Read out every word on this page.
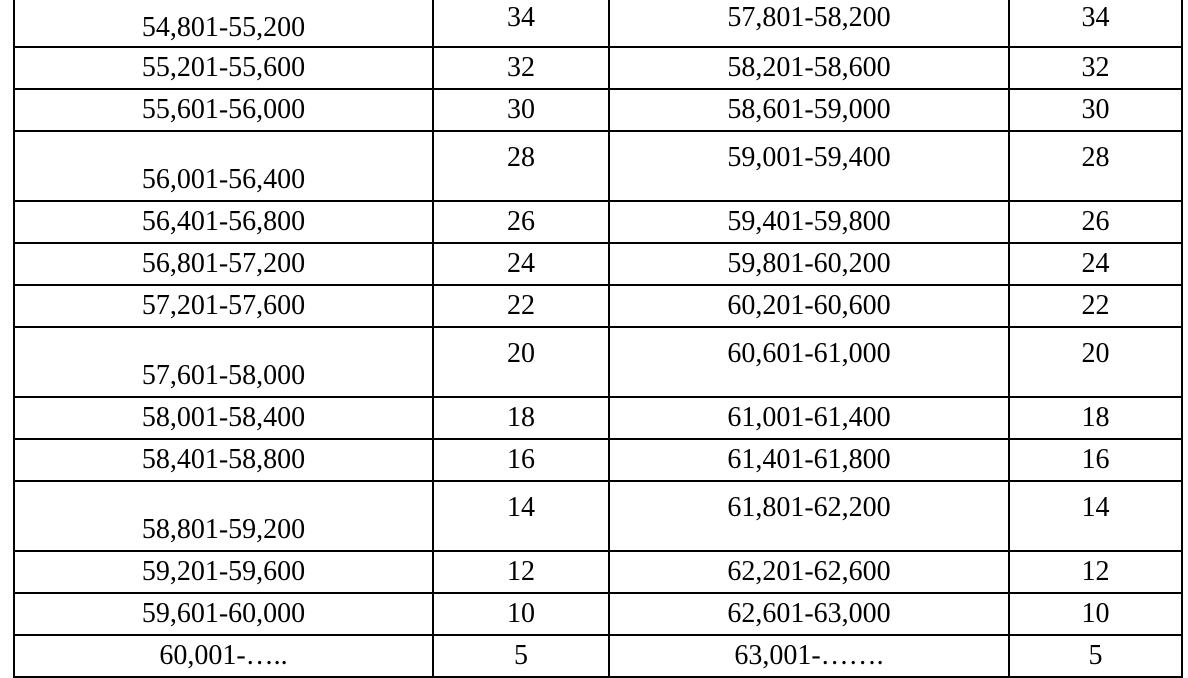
54,801-55,200	34	57,801-58,200	34
55,201-55,600	32	58,201-58,600	32
55,601-56,000	30	58,601-59,000	30
56,001-56,400	28	59,001-59,400	28
56,401-56,800	26	59,401-59,800	26
56,801-57,200	24	59,801-60,200	24
57,201-57,600	22	60,201-60,600	22
57,601-58,000	20	60,601-61,000	20
58,001-58,400	18	61,001-61,400	18
58,401-58,800	16	61,401-61,800	16
58,801-59,200	14	61,801-62,200	14
59,201-59,600	12	62,201-62,600	12
59,601-60,000	10	62,601-63,000	10
60,001-…..	5	63,001-…….	5
